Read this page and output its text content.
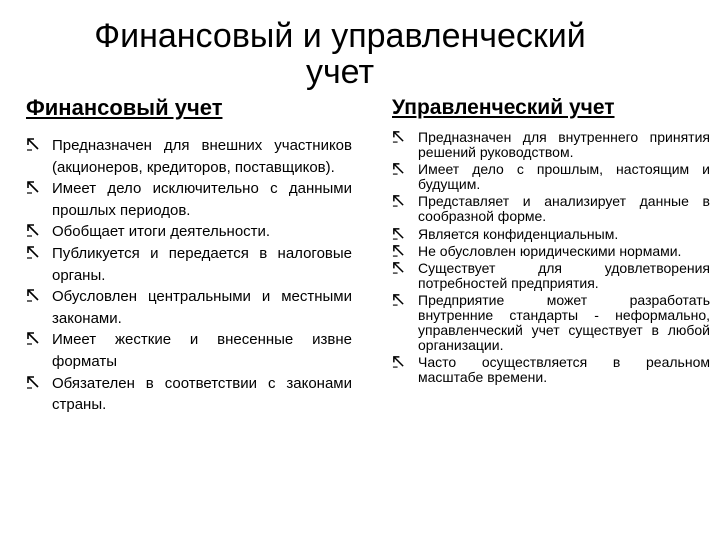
Финансовый и управленческий
учет
Финансовый учет
Предназначен для внешних участников (акционеров, кредиторов, поставщиков).
Имеет дело исключительно с данными прошлых периодов.
Обобщает итоги деятельности.
Публикуется и передается в налоговые органы.
Обусловлен центральными и местными законами.
Имеет жесткие и внесенные извне форматы
Обязателен в соответствии с законами страны.
Управленческий учет
Предназначен для внутреннего принятия решений руководством.
Имеет дело с прошлым, настоящим и будущим.
Представляет и анализирует данные в сообразной форме.
Является конфиденциальным.
Не обусловлен юридическими нормами.
Существует для удовлетворения потребностей предприятия.
Предприятие может разработать внутренние стандарты - неформально, управленческий учет существует в любой организации.
Часто осуществляется в реальном масштабе времени.
